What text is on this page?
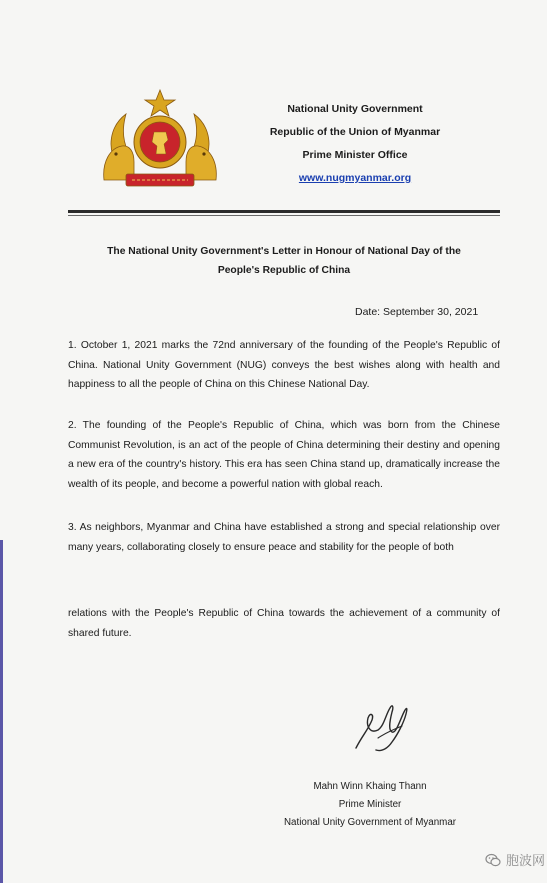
National Unity Government
Republic of the Union of Myanmar
Prime Minister Office
www.nugmyanmar.org
The National Unity Government's Letter in Honour of National Day of the
People's Republic of China
Date: September 30, 2021
1. October 1, 2021 marks the 72nd anniversary of the founding of the People's Republic of China. National Unity Government (NUG) conveys the best wishes along with health and happiness to all the people of China on this Chinese National Day.
2. The founding of the People's Republic of China, which was born from the Chinese Communist Revolution, is an act of the people of China determining their destiny and opening a new era of the country's history. This era has seen China stand up, dramatically increase the wealth of its people, and become a powerful nation with global reach.
3. As neighbors, Myanmar and China have established a strong and special relationship over many years, collaborating closely to ensure peace and stability for the people of both
relations with the People's Republic of China towards the achievement of a community of shared future.
Mahn Winn Khaing Thann
Prime Minister
National Unity Government of Myanmar
胞波网
